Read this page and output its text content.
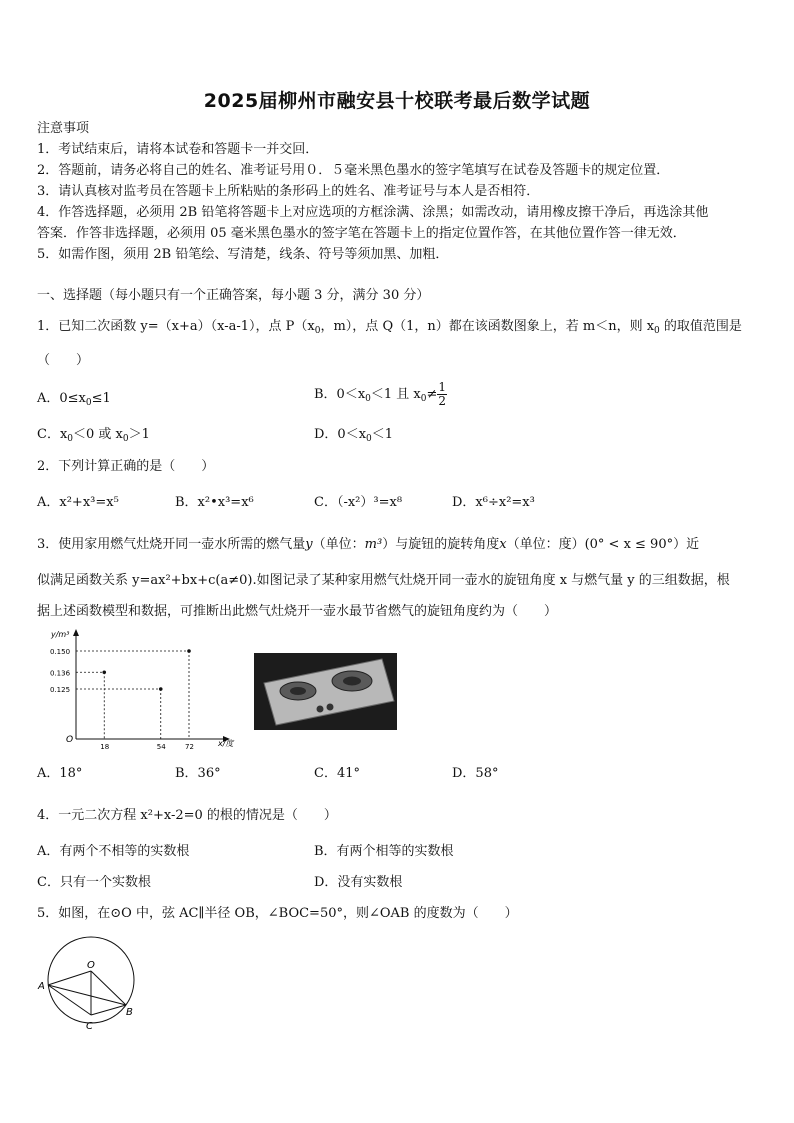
2025届柳州市融安县十校联考最后数学试题
注意事项
1．考试结束后，请将本试卷和答题卡一并交回．
2．答题前，请务必将自己的姓名、准考证号用０．５毫米黑色墨水的签字笔填写在试卷及答题卡的规定位置．
3．请认真核对监考员在答题卡上所粘贴的条形码上的姓名、准考证号与本人是否相符．
4．作答选择题，必须用 2B 铅笔将答题卡上对应选项的方框涂满、涂黑；如需改动，请用橡皮擦干净后，再选涂其他
答案．作答非选择题，必须用 05 毫米黑色墨水的签字笔在答题卡上的指定位置作答，在其他位置作答一律无效．
5．如需作图，须用 2B 铅笔绘、写清楚，线条、符号等须加黑、加粗．
一、选择题（每小题只有一个正确答案，每小题 3 分，满分 30 分）
1．已知二次函数 y=（x+a）（x-a-1），点 $P(x_0$，m），点 Q（1，n）都在该函数图象上，若 m＜n，则 $x_0$ 的取值范围是
（　　）
A．$0\le x_0\le 1$	B．$0<x_0<1$ 且 $x_0\ne \frac{1}{2}$
C．$x_0<0$ 或 $x_0>1$	D．$0<x_0<1$
2．下列计算正确的是（　　）
A．x²+x³=x⁵	B．x²•x³=x⁶	C．（-x²）³=x⁸	D．x⁶÷x²=x³
3．使用家用燃气灶烧开同一壶水所需的燃气量y（单位：m³）与旋钮的旋转角度x（单位：度）(0° < x ≤ 90°）近
似满足函数关系 y=ax²+bx+c(a≠0).如图记录了某种家用燃气灶烧开同一壶水的旋钮角度 x 与燃气量 y 的三组数据，根
据上述函数模型和数据，可推断出此燃气灶烧开一壶水最节省燃气的旋钮角度约为（　　）
y/m³
x/度
O
0.150
0.136
0.125
18	54	72
A．18°	B．36°	C．41°	D．58°
4．一元二次方程 x²+x-2=0 的根的情况是（　　）
A．有两个不相等的实数根	B．有两个相等的实数根
C．只有一个实数根	D．没有实数根
5．如图，在⊙O 中，弦 AC∥半径 OB，∠BOC=50°，则∠OAB 的度数为（　　）
O
A
B
C
